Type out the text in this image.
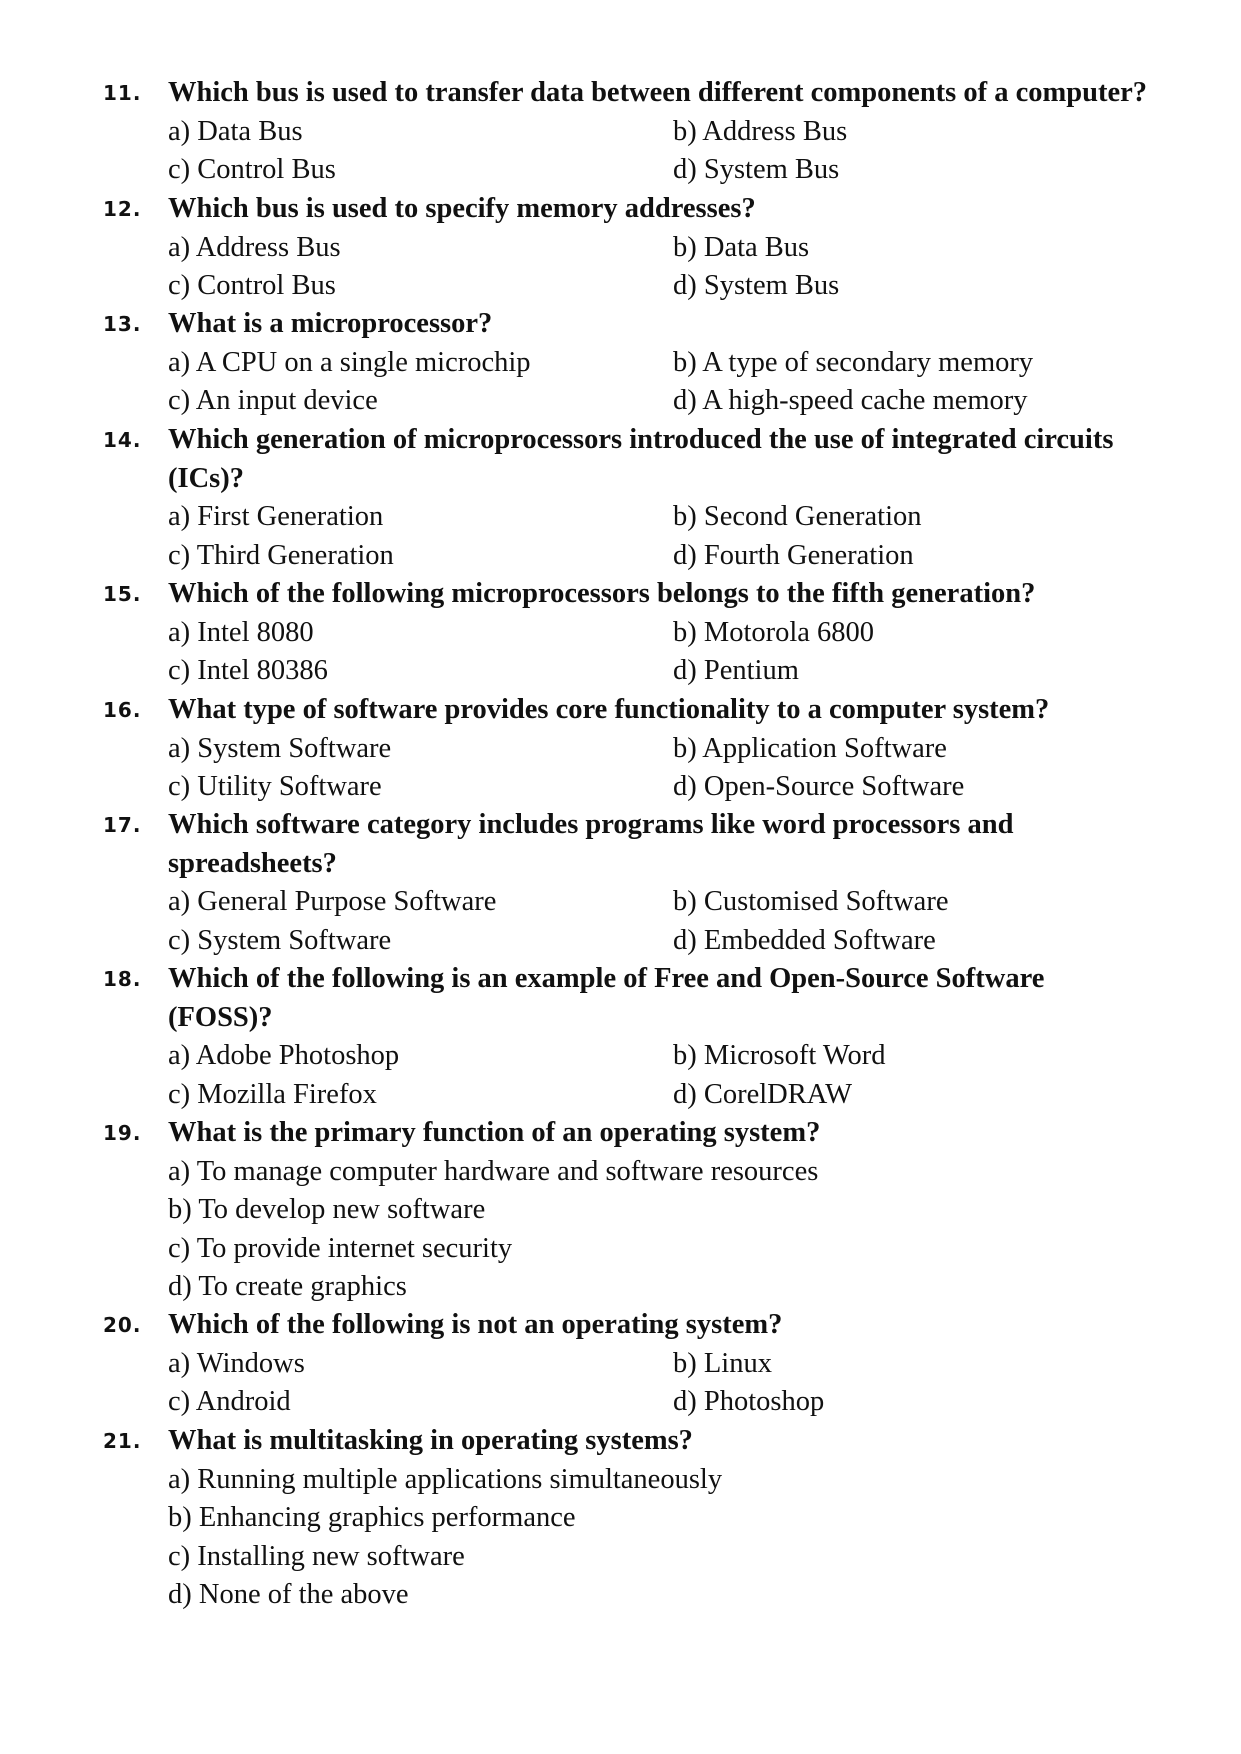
11. Which bus is used to transfer data between different components of a computer?
a) Data Bus	b) Address Bus
c) Control Bus	d) System Bus
12. Which bus is used to specify memory addresses?
a) Address Bus	b) Data Bus
c) Control Bus	d) System Bus
13. What is a microprocessor?
a) A CPU on a single microchip	b) A type of secondary memory
c) An input device	d) A high-speed cache memory
14. Which generation of microprocessors introduced the use of integrated circuits (ICs)?
a) First Generation	b) Second Generation
c) Third Generation	d) Fourth Generation
15. Which of the following microprocessors belongs to the fifth generation?
a) Intel 8080	b) Motorola 6800
c) Intel 80386	d) Pentium
16. What type of software provides core functionality to a computer system?
a) System Software	b) Application Software
c) Utility Software	d) Open-Source Software
17. Which software category includes programs like word processors and spreadsheets?
a) General Purpose Software	b) Customised Software
c) System Software	d) Embedded Software
18. Which of the following is an example of Free and Open-Source Software (FOSS)?
a) Adobe Photoshop	b) Microsoft Word
c) Mozilla Firefox	d) CorelDRAW
19. What is the primary function of an operating system?
a) To manage computer hardware and software resources
b) To develop new software
c) To provide internet security
d) To create graphics
20. Which of the following is not an operating system?
a) Windows	b) Linux
c) Android	d) Photoshop
21. What is multitasking in operating systems?
a) Running multiple applications simultaneously
b) Enhancing graphics performance
c) Installing new software
d) None of the above
